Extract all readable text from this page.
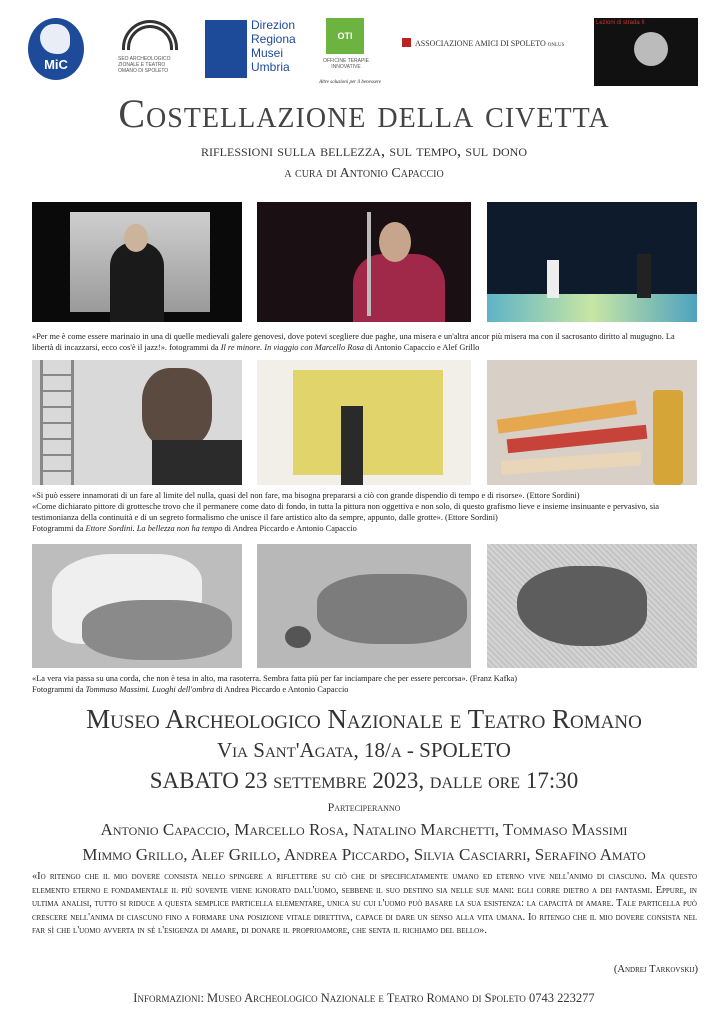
MiC	SEO ARCHEOLOGICO ZIONALE E TEATRO OMANO DI SPOLETO
Direzion
Regiona
Musei
Umbria
OTI
OFFICINE TERAPIE INNOVATIVE
Altre soluzioni per il benessere
ASSOCIAZIONE AMICI DI SPOLETO ONLUS
Lezioni di strada II
Costellazione della civetta
riflessioni sulla bellezza, sul tempo, sul dono
a cura di Antonio Capaccio
«Per me è come essere marinaio in una di quelle medievali galere genovesi, dove potevi scegliere due paghe, una misera e un'altra ancor più misera ma con il sacrosanto diritto al mugugno. La libertà di incazzarsi, ecco cos'è il jazz!». fotogrammi da Il re minore. In viaggio con Marcello Rosa di Antonio Capaccio e Alef Grillo
«Si può essere innamorati di un fare al limite del nulla, quasi del non fare, ma bisogna prepararsi a ciò con grande dispendio di tempo e di risorse». (Ettore Sordini)
«Come dichiarato pittore di grottesche trovo che il permanere come dato di fondo, in tutta la pittura non oggettiva e non solo, di questo grafismo lieve e insieme insinuante e pervasivo, sia testimonianza della continuità e di un segreto formalismo che unisce il fare artistico alto da sempre, appunto, dalle grotte». (Ettore Sordini)
Fotogrammi da Ettore Sordini. La bellezza non ha tempo di Andrea Piccardo e Antonio Capaccio
«La vera via passa su una corda, che non è tesa in alto, ma rasoterra. Sembra fatta più per far inciampare che per essere percorsa». (Franz Kafka)
Fotogrammi da Tommaso Massimi. Luoghi dell'ombra di Andrea Piccardo e Antonio Capaccio
Museo Archeologico Nazionale e Teatro Romano
Via Sant'Agata, 18/a - SPOLETO
SABATO 23 settembre 2023, dalle ore 17:30
Parteciperanno
Antonio Capaccio, Marcello Rosa, Natalino Marchetti, Tommaso Massimi
Mimmo Grillo, Alef Grillo, Andrea Piccardo, Silvia Casciarri, Serafino Amato
«Io ritengo che il mio dovere consista nello spingere a riflettere su ciò che di specificatamente umano ed eterno vive nell'animo di ciascuno. Ma questo elemento eterno e fondamentale il più sovente viene ignorato dall'uomo, sebbene il suo destino sia nelle sue mani: egli corre dietro a dei fantasmi. Eppure, in ultima analisi, tutto si riduce a questa semplice particella elementare, unica su cui l'uomo può basare la sua esistenza: la capacità di amare. Tale particella può crescere nell'anima di ciascuno fino a formare una posizione vitale direttiva, capace di dare un senso alla vita umana. Io ritengo che il mio dovere consista nel far sì che l'uomo avverta in sé l'esigenza di amare, di donare il proprioamore, che senta il richiamo del bello».
(Andrej Tarkovskij)
Informazioni: Museo Archeologico Nazionale e Teatro Romano di Spoleto 0743 223277
